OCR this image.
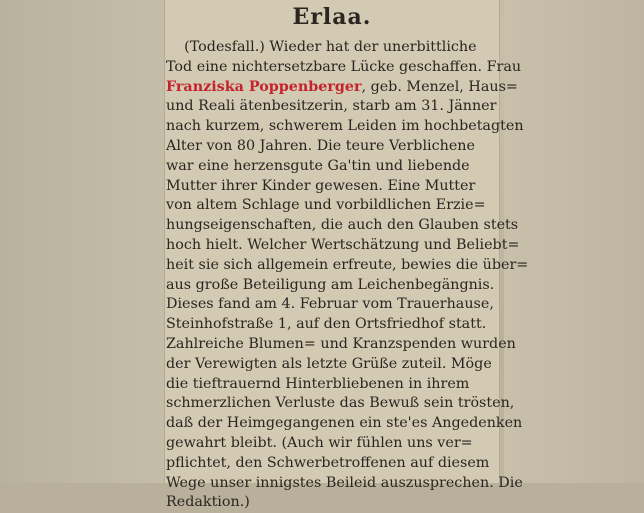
Erlaa.

(Todesfall.) Wieder hat der unerbittliche
Tod eine nichtersetzbare Lücke geschaffen. Frau
Franziska Poppenberger, geb. Menzel, Haus=
und Reali ätenbesitzerin, starb am 31. Jänner
nach kurzem, schwerem Leiden im hochbetagten
Alter von 80 Jahren. Die teure Verblichene
war eine herzensgute Ga'tin und liebende
Mutter ihrer Kinder gewesen. Eine Mutter
von altem Schlage und vorbildlichen Erzie=
hungseigenschaften, die auch den Glauben stets
hoch hielt. Welcher Wertschätzung und Beliebt=
heit sie sich allgemein erfreute, bewies die über=
aus große Beteiligung am Leichenbegängnis.
Dieses fand am 4. Februar vom Trauerhause,
Steinhofstraße 1, auf den Ortsfriedhof statt.
Zahlreiche Blumen= und Kranzspenden wurden
der Verewigten als letzte Grüße zuteil. Möge
die tieftrauernd Hinterbliebenen in ihrem
schmerzlichen Verluste das Bewuß sein trösten,
daß der Heimgegangenen ein ste'es Angedenken
gewahrt bleibt. (Auch wir fühlen uns ver=
pflichtet, den Schwerbetroffenen auf diesem
Wege unser innigstes Beileid auszusprechen. Die
Redaktion.)
